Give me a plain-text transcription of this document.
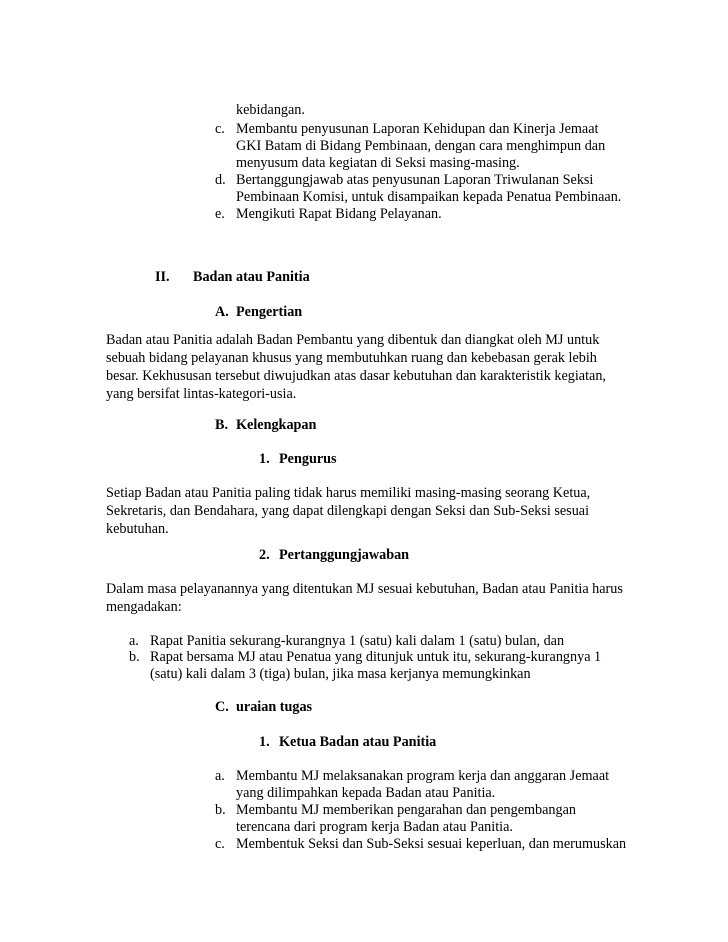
kebidangan.
c. Membantu penyusunan Laporan Kehidupan dan Kinerja Jemaat
GKI Batam di Bidang Pembinaan, dengan cara menghimpun dan
menyusum data kegiatan di Seksi masing-masing.
d. Bertanggungjawab atas penyusunan Laporan Triwulanan Seksi
Pembinaan Komisi, untuk disampaikan kepada Penatua Pembinaan.
e. Mengikuti Rapat Bidang Pelayanan.
II. Badan atau Panitia
A. Pengertian
Badan atau Panitia adalah Badan Pembantu yang dibentuk dan diangkat oleh MJ untuk
sebuah bidang pelayanan khusus yang membutuhkan ruang dan kebebasan gerak lebih
besar. Kekhususan tersebut diwujudkan atas dasar kebutuhan dan karakteristik kegiatan,
yang bersifat lintas-kategori-usia.
B. Kelengkapan
1. Pengurus
Setiap Badan atau Panitia paling tidak harus memiliki masing-masing seorang Ketua,
Sekretaris, dan Bendahara, yang dapat dilengkapi dengan Seksi dan Sub-Seksi sesuai
kebutuhan.
2. Pertanggungjawaban
Dalam masa pelayanannya yang ditentukan MJ sesuai kebutuhan, Badan atau Panitia harus
mengadakan:
a. Rapat Panitia sekurang-kurangnya 1 (satu) kali dalam 1 (satu) bulan, dan
b. Rapat bersama MJ atau Penatua yang ditunjuk untuk itu, sekurang-kurangnya 1
(satu) kali dalam 3 (tiga) bulan, jika masa kerjanya memungkinkan
C. uraian tugas
1. Ketua Badan atau Panitia
a. Membantu MJ melaksanakan program kerja dan anggaran Jemaat
yang dilimpahkan kepada Badan atau Panitia.
b. Membantu MJ memberikan pengarahan dan pengembangan
terencana dari program kerja Badan atau Panitia.
c. Membentuk Seksi dan Sub-Seksi sesuai keperluan, dan merumuskan
